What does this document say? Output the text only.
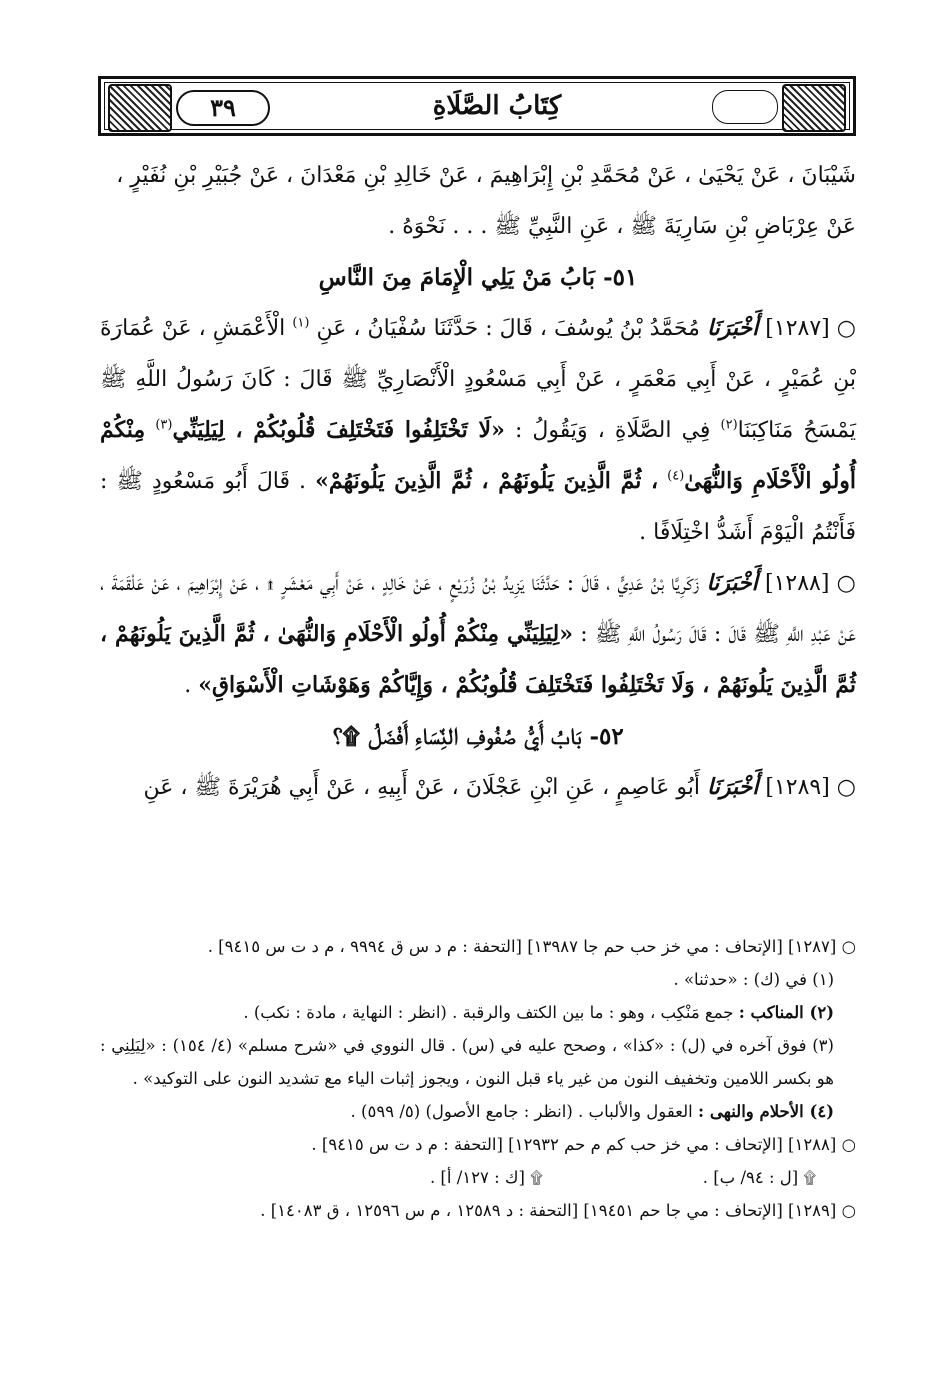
٣٩	كِتَابُ الصَّلَاةِ

شَيْبَانَ ، عَنْ يَحْيَىٰ ، عَنْ مُحَمَّدِ بْنِ إِبْرَاهِيمَ ، عَنْ خَالِدِ بْنِ مَعْدَانَ ، عَنْ جُبَيْرِ بْنِ نُفَيْرٍ ،

عَنْ عِرْبَاضِ بْنِ سَارِيَةَ ﷺ ، عَنِ النَّبِيِّ ﷺ . . . نَحْوَهُ .

٥١- بَابُ مَنْ يَلِي الْإِمَامَ مِنَ النَّاسِ

○ [١٢٨٧] أَخْبَرَنَا مُحَمَّدُ بْنُ يُوسُفَ ، قَالَ : حَدَّثَنَا سُفْيَانُ ، عَنِ $^{(١)}$ الْأَعْمَشِ ، عَنْ عُمَارَةَ بْنِ عُمَيْرٍ ، عَنْ أَبِي مَعْمَرٍ ، عَنْ أَبِي مَسْعُودٍ الْأَنْصَارِيِّ ﷺ قَالَ : كَانَ رَسُولُ اللَّهِ ﷺ يَمْسَحُ مَنَاكِبَنَا$^{(٢)}$ فِي الصَّلَاةِ ، وَيَقُولُ : «لَا تَخْتَلِفُوا فَتَخْتَلِفَ قُلُوبُكُمْ ، لِيَلِيَنِّي$^{(٣)}$ مِنْكُمْ أُولُو الْأَحْلَامِ وَالنُّهَىٰ$^{(٤)}$ ، ثُمَّ الَّذِينَ يَلُونَهُمْ ، ثُمَّ الَّذِينَ يَلُونَهُمْ» . قَالَ أَبُو مَسْعُودٍ ﷺ : فَأَنْتُمُ الْيَوْمَ أَشَدُّ اخْتِلَافًا .

○ [١٢٨٨] أَخْبَرَنَا زَكَرِيَّا بْنُ عَدِيٍّ ، قَالَ : حَدَّثَنَا يَزِيدُ بْنُ زُرَيْعٍ ، عَنْ خَالِدٍ ، عَنْ أَبِي مَعْشَرٍ ۩ ، عَنْ إِبْرَاهِيمَ ، عَنْ عَلْقَمَةَ ، عَنْ عَبْدِ اللَّهِ ﷺ قَالَ : قَالَ رَسُولُ اللَّهِ ﷺ : «لِيَلِيَنِّي مِنْكُمْ أُولُو الْأَحْلَامِ وَالنُّهَىٰ ، ثُمَّ الَّذِينَ يَلُونَهُمْ ، ثُمَّ الَّذِينَ يَلُونَهُمْ ، وَلَا تَخْتَلِفُوا فَتَخْتَلِفَ قُلُوبُكُمْ ، وَإِيَّاكُمْ وَهَوْشَاتِ الْأَسْوَاقِ» .

٥٢- بَابُ أَيُّ صُفُوفِ النِّسَاءِ أَفْضَلُ ۩؟

○ [١٢٨٩] أَخْبَرَنَا أَبُو عَاصِمٍ ، عَنِ ابْنِ عَجْلَانَ ، عَنْ أَبِيهِ ، عَنْ أَبِي هُرَيْرَةَ ﷺ ، عَنِ

○ [١٢٨٧] [الإتحاف : مي خز حب حم جا ١٣٩٨٧] [التحفة : م د س ق ٩٩٩٤ ، م د ت س ٩٤١٥] .

(١) في (ك) : «حدثنا» .

(٢) المناكب : جمع مَنْكِب ، وهو : ما بين الكتف والرقبة . (انظر : النهاية ، مادة : نكب) .

(٣) فوق آخره في (ل) : «كذا» ، وصحح عليه في (س) . قال النووي في «شرح مسلم» (٤/ ١٥٤) : «لِيَلِنِي : هو بكسر اللامين وتخفيف النون من غير ياء قبل النون ، ويجوز إثبات الياء مع تشديد النون على التوكيد» .

(٤) الأحلام والنهى : العقول والألباب . (انظر : جامع الأصول) (٥/ ٥٩٩) .

○ [١٢٨٨] [الإتحاف : مي خز حب كم م حم ١٢٩٣٢] [التحفة : م د ت س ٩٤١٥] .

۩ [ل : ٩٤/ ب] .
۩ [ك : ١٢٧/ أ] .

○ [١٢٨٩] [الإتحاف : مي جا حم ١٩٤٥١] [التحفة : د ١٢٥٨٩ ، م س ١٢٥٩٦ ، ق ١٤٠٨٣] .
